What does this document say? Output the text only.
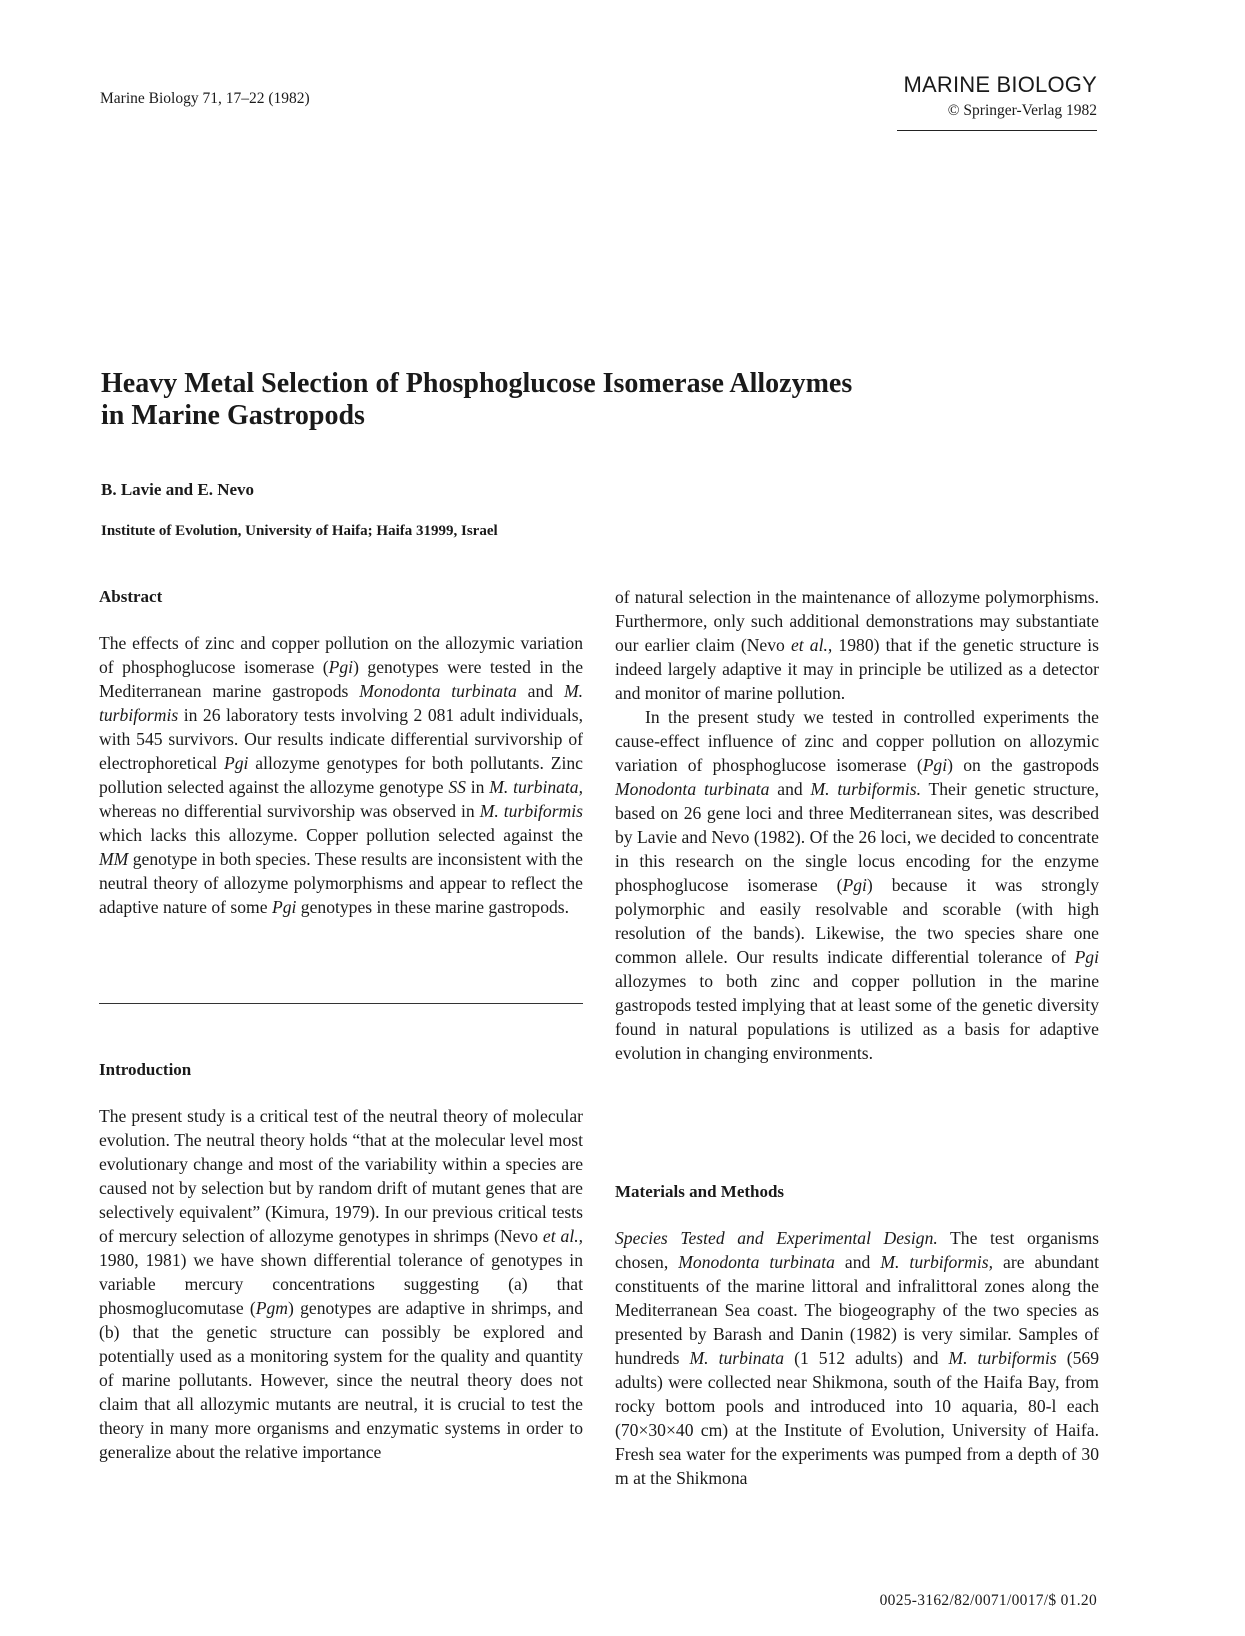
Marine Biology 71, 17–22 (1982)
MARINE BIOLOGY
© Springer-Verlag 1982
Heavy Metal Selection of Phosphoglucose Isomerase Allozymes
in Marine Gastropods
B. Lavie and E. Nevo
Institute of Evolution, University of Haifa; Haifa 31999, Israel
Abstract

The effects of zinc and copper pollution on the allozymic variation of phosphoglucose isomerase (Pgi) genotypes were tested in the Mediterranean marine gastropods Monodonta turbinata and M. turbiformis in 26 laboratory tests involving 2 081 adult individuals, with 545 survivors. Our results indicate differential survivorship of electrophoretical Pgi allozyme genotypes for both pollutants. Zinc pollution selected against the allozyme genotype SS in M. turbinata, whereas no differential survivorship was observed in M. turbiformis which lacks this allozyme. Copper pollution selected against the MM genotype in both species. These results are inconsistent with the neutral theory of allozyme polymorphisms and appear to reflect the adaptive nature of some Pgi genotypes in these marine gastropods.

Introduction

The present study is a critical test of the neutral theory of molecular evolution. The neutral theory holds “that at the molecular level most evolutionary change and most of the variability within a species are caused not by selection but by random drift of mutant genes that are selectively equivalent” (Kimura, 1979). In our previous critical tests of mercury selection of allozyme genotypes in shrimps (Nevo et al., 1980, 1981) we have shown differential tolerance of genotypes in variable mercury concentrations suggesting (a) that phosmoglucomutase (Pgm) genotypes are adaptive in shrimps, and (b) that the genetic structure can possibly be explored and potentially used as a monitoring system for the quality and quantity of marine pollutants. However, since the neutral theory does not claim that all allozymic mutants are neutral, it is crucial to test the theory in many more organisms and enzymatic systems in order to generalize about the relative importance

of natural selection in the maintenance of allozyme polymorphisms. Furthermore, only such additional demonstrations may substantiate our earlier claim (Nevo et al., 1980) that if the genetic structure is indeed largely adaptive it may in principle be utilized as a detector and monitor of marine pollution.

In the present study we tested in controlled experiments the cause-effect influence of zinc and copper pollution on allozymic variation of phosphoglucose isomerase (Pgi) on the gastropods Monodonta turbinata and M. turbiformis. Their genetic structure, based on 26 gene loci and three Mediterranean sites, was described by Lavie and Nevo (1982). Of the 26 loci, we decided to concentrate in this research on the single locus encoding for the enzyme phosphoglucose isomerase (Pgi) because it was strongly polymorphic and easily resolvable and scorable (with high resolution of the bands). Likewise, the two species share one common allele. Our results indicate differential tolerance of Pgi allozymes to both zinc and copper pollution in the marine gastropods tested implying that at least some of the genetic diversity found in natural populations is utilized as a basis for adaptive evolution in changing environments.

Materials and Methods

Species Tested and Experimental Design. The test organisms chosen, Monodonta turbinata and M. turbiformis, are abundant constituents of the marine littoral and infralittoral zones along the Mediterranean Sea coast. The biogeography of the two species as presented by Barash and Danin (1982) is very similar. Samples of hundreds M. turbinata (1 512 adults) and M. turbiformis (569 adults) were collected near Shikmona, south of the Haifa Bay, from rocky bottom pools and introduced into 10 aquaria, 80-l each (70×30×40 cm) at the Institute of Evolution, University of Haifa. Fresh sea water for the experiments was pumped from a depth of 30 m at the Shikmona

0025-3162/82/0071/0017/$ 01.20
